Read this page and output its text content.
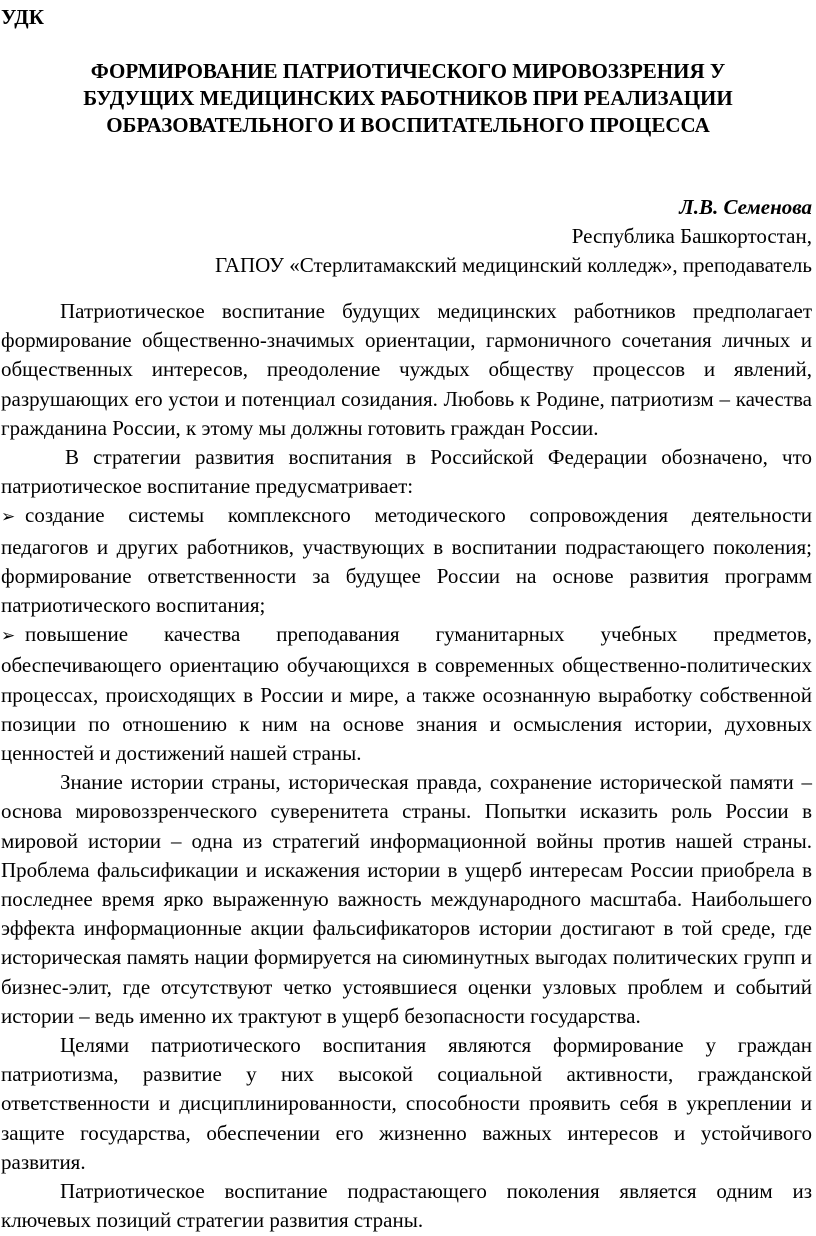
УДК
ФОРМИРОВАНИЕ ПАТРИОТИЧЕСКОГО МИРОВОЗЗРЕНИЯ У
БУДУЩИХ МЕДИЦИНСКИХ РАБОТНИКОВ ПРИ РЕАЛИЗАЦИИ
ОБРАЗОВАТЕЛЬНОГО И ВОСПИТАТЕЛЬНОГО ПРОЦЕССА
Л.В. Семенова
Республика Башкортостан,
ГАПОУ «Стерлитамакский медицинский колледж», преподаватель

Патриотическое воспитание будущих медицинских работников предполагает формирование общественно-значимых ориентации, гармоничного сочетания личных и общественных интересов, преодоление чуждых обществу процессов и явлений, разрушающих его устои и потенциал созидания. Любовь к Родине, патриотизм – качества гражданина России, к этому мы должны готовить граждан России.

В стратегии развития воспитания в Российской Федерации обозначено, что патриотическое воспитание предусматривает:

➢ создание системы комплексного методического сопровождения деятельности педагогов и других работников, участвующих в воспитании подрастающего поколения; формирование ответственности за будущее России на основе развития программ патриотического воспитания;
➢ повышение качества преподавания гуманитарных учебных предметов, обеспечивающего ориентацию обучающихся в современных общественно-политических процессах, происходящих в России и мире, а также осознанную выработку собственной позиции по отношению к ним на основе знания и осмысления истории, духовных ценностей и достижений нашей страны.

Знание истории страны, историческая правда, сохранение исторической памяти – основа мировоззренческого суверенитета страны. Попытки исказить роль России в мировой истории – одна из стратегий информационной войны против нашей страны. Проблема фальсификации и искажения истории в ущерб интересам России приобрела в последнее время ярко выраженную важность международного масштаба. Наибольшего эффекта информационные акции фальсификаторов истории достигают в той среде, где историческая память нации формируется на сиюминутных выгодах политических групп и бизнес-элит, где отсутствуют четко устоявшиеся оценки узловых проблем и событий истории – ведь именно их трактуют в ущерб безопасности государства.

Целями патриотического воспитания являются формирование у граждан патриотизма, развитие у них высокой социальной активности, гражданской ответственности и дисциплинированности, способности проявить себя в укреплении и защите государства, обеспечении его жизненно важных интересов и устойчивого развития.

Патриотическое воспитание подрастающего поколения является одним из ключевых позиций стратегии развития страны.
